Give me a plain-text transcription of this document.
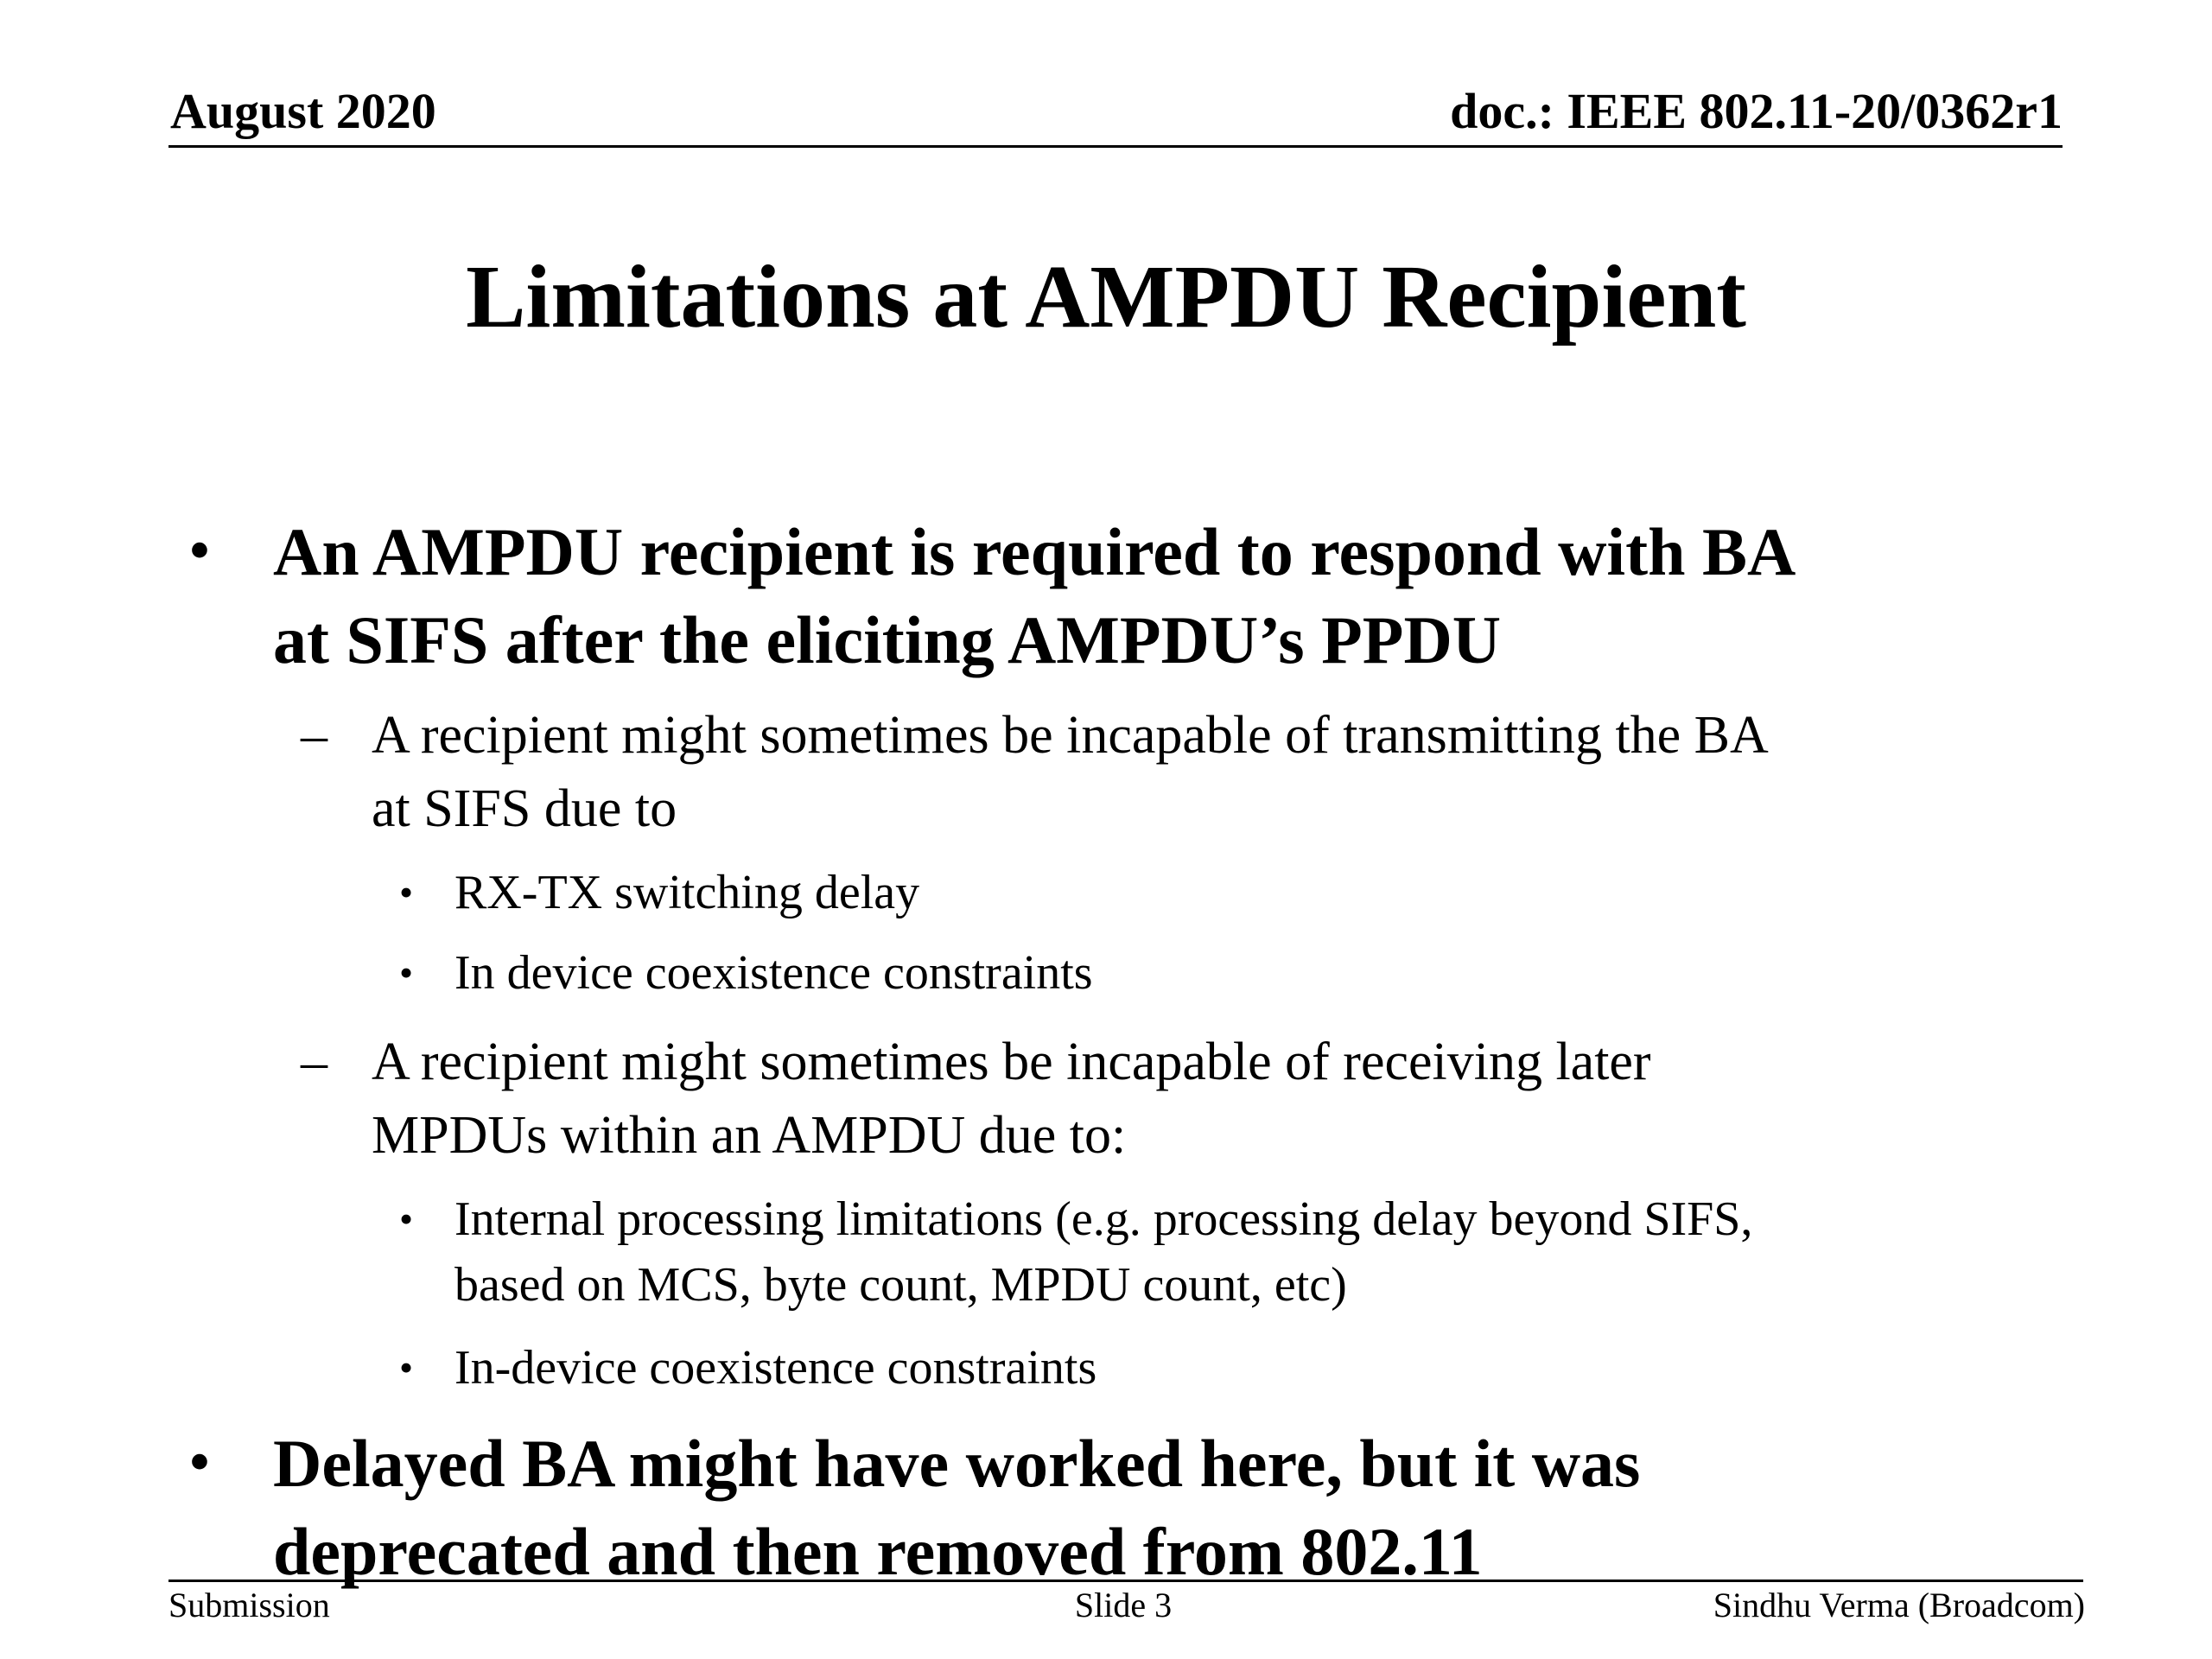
August 2020	doc.: IEEE 802.11-20/0362r1
Limitations at AMPDU Recipient
• An AMPDU recipient is required to respond with BA
at SIFS after the eliciting AMPDU’s PPDU
– A recipient might sometimes be incapable of transmitting the BA
at SIFS due to
• RX-TX switching delay
• In device coexistence constraints
– A recipient might sometimes be incapable of receiving later
MPDUs within an AMPDU due to:
• Internal processing limitations (e.g. processing delay beyond SIFS,
based on MCS, byte count, MPDU count, etc)
• In-device coexistence constraints
• Delayed BA might have worked here, but it was
deprecated and then removed from 802.11
Submission	Slide 3	Sindhu Verma (Broadcom)
